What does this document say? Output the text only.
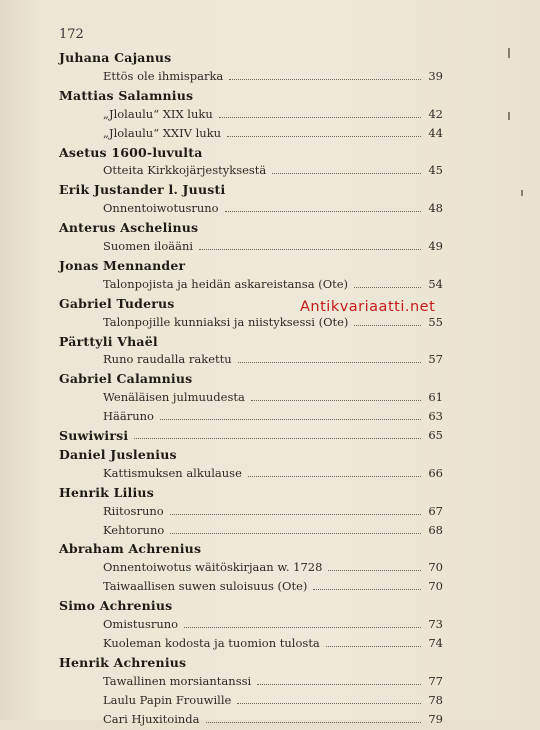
172
Juhana Cajanus
Ettös ole ihmisparka	39
Mattias Salamnius
„Jlolaulu“ XIX luku	42
„Jlolaulu“ XXIV luku	44
Asetus 1600-luvulta
Otteita Kirkkojärjestyksestä	45
Erik Justander l. Juusti
Onnentoiwotusruno	48
Anterus Aschelinus
Suomen iloääni	49
Jonas Mennander
Talonpojista ja heidän askareistansa (Ote)	54
Gabriel Tuderus
Talonpojille kunniaksi ja niistyksessi (Ote)	55
Pärttyli Vhaël
Runo raudalla rakettu	57
Gabriel Calamnius
Wenäläisen julmuudesta	61
Hääruno	63
Suwiwirsi	65
Daniel Juslenius
Kattismuksen alkulause	66
Henrik Lilius
Riitosruno	67
Kehtoruno	68
Abraham Achrenius
Onnentoiwotus wäitöskirjaan w. 1728	70
Taiwaallisen suwen suloisuus (Ote)	70
Simo Achrenius
Omistusruno	73
Kuoleman kodosta ja tuomion tulosta	74
Henrik Achrenius
Tawallinen morsiantanssi	77
Laulu Papin Frouwille	78
Cari Hjuxitoinda	79
Antikvariaatti.net
